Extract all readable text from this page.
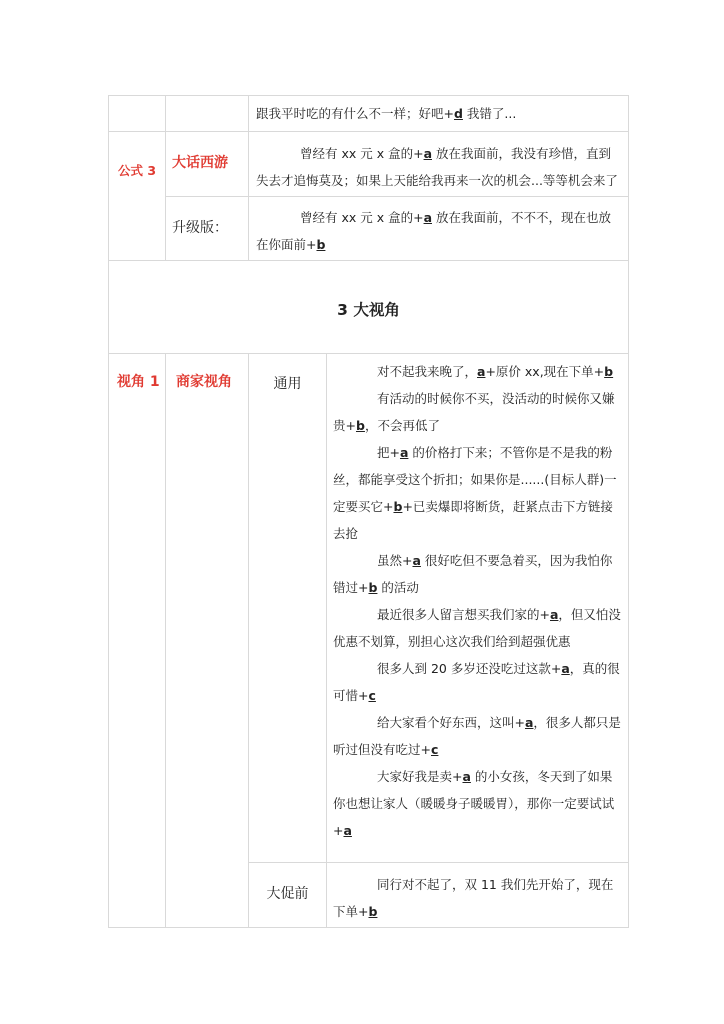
跟我平时吃的有什么不一样；好吧+d 我错了...
公式 3 大话西游
曾经有 xx 元 x 盒的+a 放在我面前，我没有珍惜，直到失去才追悔莫及；如果上天能给我再来一次的机会...等等机会来了
升级版：
曾经有 xx 元 x 盒的+a 放在我面前，不不不，现在也放在你面前+b
3 大视角
视角 1 商家视角	通用
对不起我来晚了，a+原价 xx,现在下单+b
有活动的时候你不买，没活动的时候你又嫌贵+b，不会再低了
把+a 的价格打下来；不管你是不是我的粉丝，都能享受这个折扣；如果你是......(目标人群)一定要买它+b+已卖爆即将断货，赶紧点击下方链接去抢
虽然+a 很好吃但不要急着买，因为我怕你错过+b 的活动
最近很多人留言想买我们家的+a，但又怕没优惠不划算，别担心这次我们给到超强优惠
很多人到 20 多岁还没吃过这款+a，真的很可惜+c
给大家看个好东西，这叫+a，很多人都只是听过但没有吃过+c
大家好我是卖+a 的小女孩，冬天到了如果你也想让家人（暖暖身子暖暖胃），那你一定要试试+a
大促前
同行对不起了，双 11 我们先开始了，现在下单+b
